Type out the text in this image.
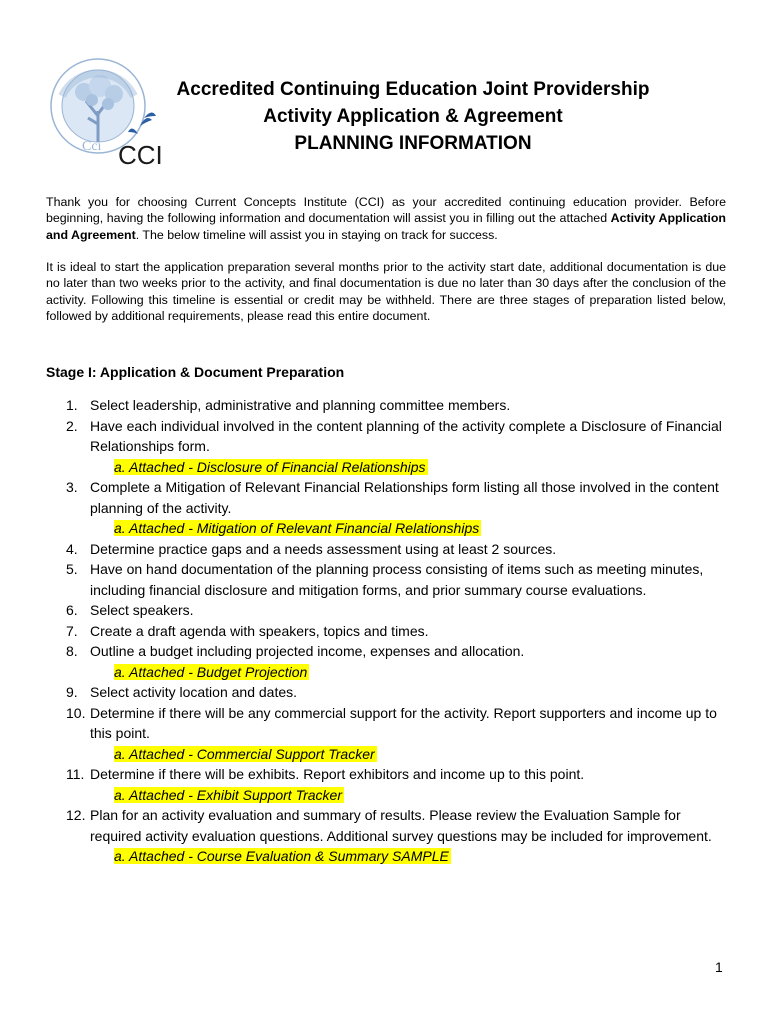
Cci CCI
Accredited Continuing Education Joint Providership
Activity Application & Agreement
PLANNING INFORMATION
Thank you for choosing Current Concepts Institute (CCI) as your accredited continuing education provider. Before beginning, having the following information and documentation will assist you in filling out the attached Activity Application and Agreement. The below timeline will assist you in staying on track for success.
It is ideal to start the application preparation several months prior to the activity start date, additional documentation is due no later than two weeks prior to the activity, and final documentation is due no later than 30 days after the conclusion of the activity. Following this timeline is essential or credit may be withheld. There are three stages of preparation listed below, followed by additional requirements, please read this entire document.
Stage I: Application & Document Preparation
1. Select leadership, administrative and planning committee members.
2. Have each individual involved in the content planning of the activity complete a Disclosure of Financial Relationships form.
a. Attached - Disclosure of Financial Relationships
3. Complete a Mitigation of Relevant Financial Relationships form listing all those involved in the content planning of the activity.
a. Attached - Mitigation of Relevant Financial Relationships
4. Determine practice gaps and a needs assessment using at least 2 sources.
5. Have on hand documentation of the planning process consisting of items such as meeting minutes, including financial disclosure and mitigation forms, and prior summary course evaluations.
6. Select speakers.
7. Create a draft agenda with speakers, topics and times.
8. Outline a budget including projected income, expenses and allocation.
a. Attached - Budget Projection
9. Select activity location and dates.
10. Determine if there will be any commercial support for the activity. Report supporters and income up to this point.
a. Attached - Commercial Support Tracker
11. Determine if there will be exhibits. Report exhibitors and income up to this point.
a. Attached - Exhibit Support Tracker
12. Plan for an activity evaluation and summary of results. Please review the Evaluation Sample for required activity evaluation questions. Additional survey questions may be included for improvement.
a. Attached - Course Evaluation & Summary SAMPLE
1
